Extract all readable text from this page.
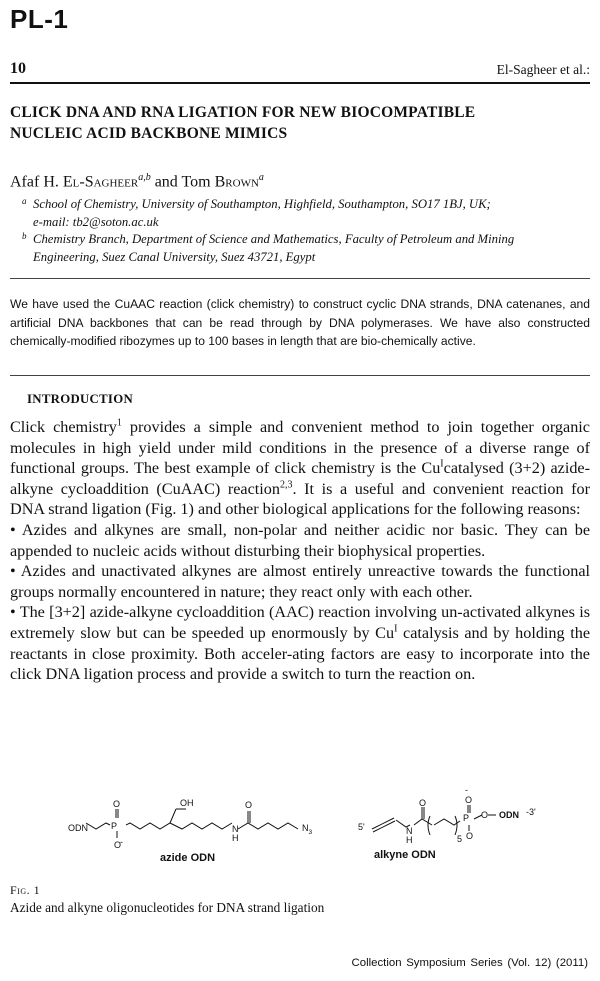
PL-1
10	El-Sagheer et al.:
CLICK DNA AND RNA LIGATION FOR NEW BIOCOMPATIBLE
NUCLEIC ACID BACKBONE MIMICS
Afaf H. El-Sagheer$^{a,b}$ and Tom Brown$^a$
a School of Chemistry, University of Southampton, Highfield, Southampton, SO17 1BJ, UK;
e-mail: tb2@soton.ac.uk
b Chemistry Branch, Department of Science and Mathematics, Faculty of Petroleum and Mining
Engineering, Suez Canal University, Suez 43721, Egypt
We have used the CuAAC reaction (click chemistry) to construct cyclic DNA strands, DNA catenanes, and artificial DNA backbones that can be read through by DNA polymerases. We have also constructed chemically-modified ribozymes up to 100 bases in length that are bio-chemically active.
INTRODUCTION

Click chemistry$^1$ provides a simple and convenient method to join together organic molecules in high yield under mild conditions in the presence of a diverse range of functional groups. The best example of click chemistry is the $Cu^Icatalysed$ (3+2) azide-alkyne cycloaddition (CuAAC) reaction$^{2,3}$. It is a useful and convenient reaction for DNA strand ligation (Fig. 1) and other biological applications for the following reasons:

• Azides and alkynes are small, non-polar and neither acidic nor basic. They can be appended to nucleic acids without disturbing their biophysical properties.

• Azides and unactivated alkynes are almost entirely unreactive towards the functional groups normally encountered in nature; they react only with each other.

• The [3+2] azide-alkyne cycloaddition (AAC) reaction involving un-activated alkynes is extremely slow but can be speeded up enormously by $Cu^I$ catalysis and by holding the reactants in close proximity. Both acceler-ating factors are easy to incorporate into the click DNA ligation process and provide a switch to turn the reaction on.

ODN	P
O
-
O
OH
N
H
O
$N_3$
azide ODN
5'	N
H
O
5
P
O
-
O
O ODN -3'
alkyne ODN
Fig. 1
Azide and alkyne oligonucleotides for DNA strand ligation
Collection Symposium Series (Vol. 12) (2011)
